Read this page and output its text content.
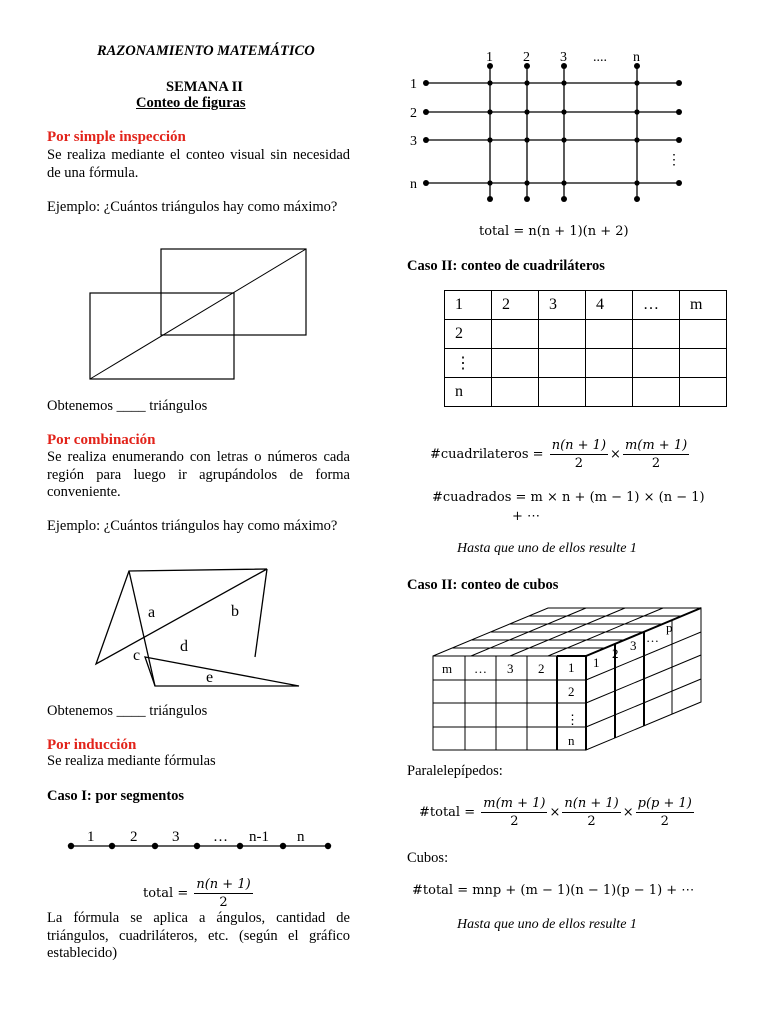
RAZONAMIENTO MATEMÁTICO
SEMANA II
Conteo de figuras
Por simple inspección
Se realiza mediante el conteo visual sin necesidad de una fórmula.
Ejemplo: ¿Cuántos triángulos hay como máximo?
Obtenemos ____ triángulos
Por combinación
Se realiza enumerando con letras o números cada región para luego ir agrupándolos de forma conveniente.
Ejemplo: ¿Cuántos triángulos hay como máximo?
a	b
c
d
e
Obtenemos ____ triángulos
Por inducción
Se realiza mediante fórmulas
Caso I: por segmentos
1 2 3 … n-1 n
total = $\frac{n(n + 1)}{2}$
La fórmula se aplica a ángulos, cantidad de triángulos, cuadriláteros, etc. (según el gráfico establecido)
1 2 3 .... n
1
2
3
n
⋮
total = n(n + 1)(n + 2)
Caso II: conteo de cuadriláteros
1	2	3	4	…	m
2					
⋮					
n					
#cuadrilateros = $\frac{n(n + 1)}{2} \times \frac{m(m + 1)}{2}$
#cuadrados = m × n + (m − 1) × (n − 1)
+ ⋯
Hasta que uno de ellos resulte 1
Caso II: conteo de cubos
m … 3 2 1
2
⋮
n
1
2
3
…
p
Paralelepípedos:
#total = $\frac{m(m + 1)}{2} \times \frac{n(n + 1)}{2} \times \frac{p(p + 1)}{2}$
Cubos:
#total = mnp + (m − 1)(n − 1)(p − 1) + ⋯
Hasta que uno de ellos resulte 1
